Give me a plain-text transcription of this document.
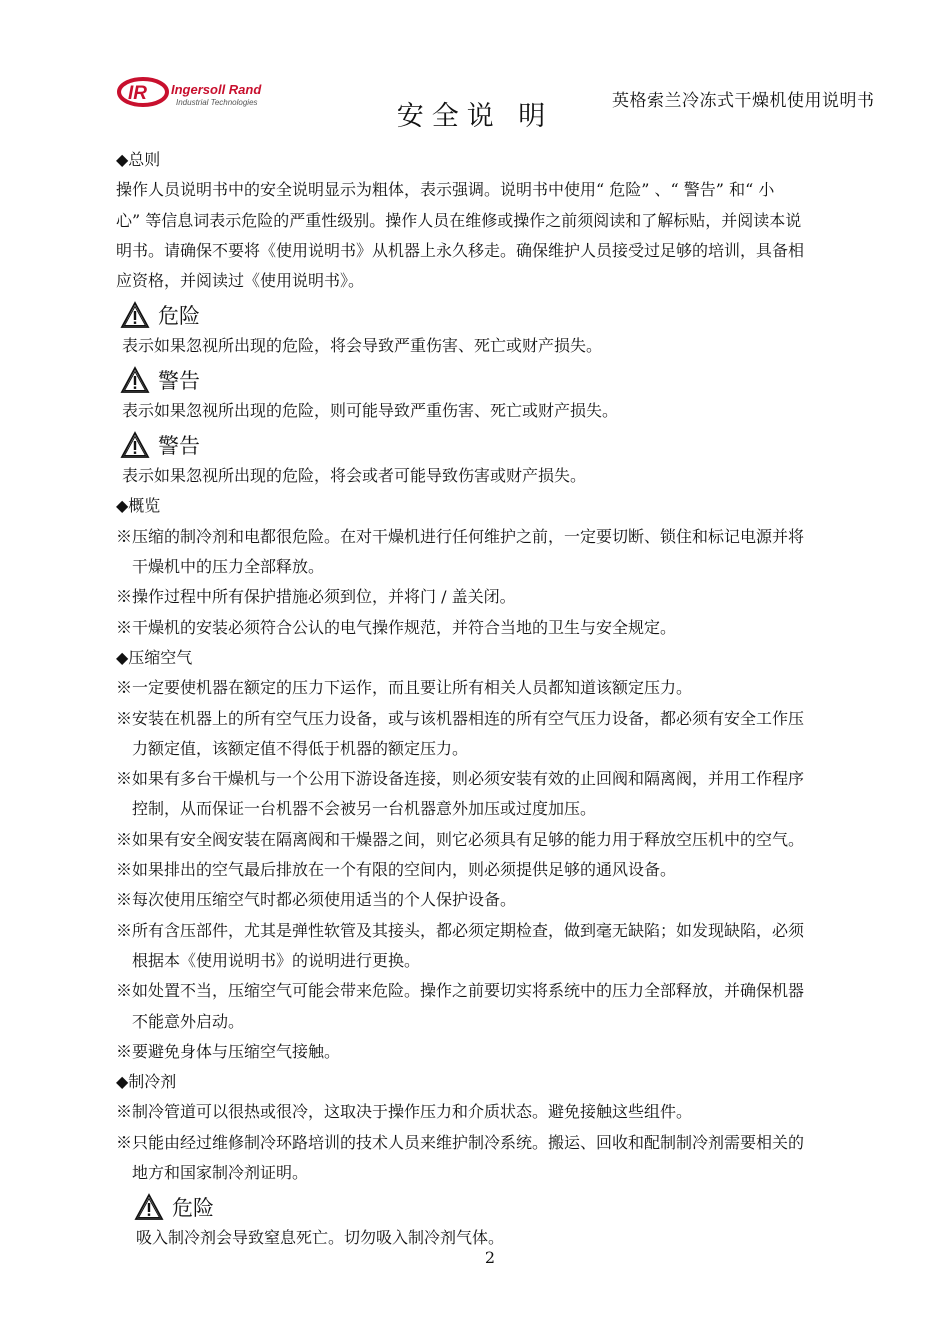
IR Ingersoll Rand
Industrial Technologies	英格索兰冷冻式干燥机使用说明书
安全说 明
◆总则
操作人员说明书中的安全说明显示为粗体，表示强调。说明书中使用“ 危险” 、“ 警告” 和“ 小
心” 等信息词表示危险的严重性级别。操作人员在维修或操作之前须阅读和了解标贴，并阅读本说
明书。请确保不要将《使用说明书》从机器上永久移走。确保维护人员接受过足够的培训，具备相
应资格，并阅读过《使用说明书》。
危险
表示如果忽视所出现的危险，将会导致严重伤害、死亡或财产损失。
警告
表示如果忽视所出现的危险，则可能导致严重伤害、死亡或财产损失。
警告
表示如果忽视所出现的危险，将会或者可能导致伤害或财产损失。
◆概览
※压缩的制冷剂和电都很危险。在对干燥机进行任何维护之前，一定要切断、锁住和标记电源并将
干燥机中的压力全部释放。
※操作过程中所有保护措施必须到位，并将门 / 盖关闭。
※干燥机的安装必须符合公认的电气操作规范，并符合当地的卫生与安全规定。
◆压缩空气
※一定要使机器在额定的压力下运作，而且要让所有相关人员都知道该额定压力。
※安装在机器上的所有空气压力设备，或与该机器相连的所有空气压力设备，都必须有安全工作压
力额定值，该额定值不得低于机器的额定压力。
※如果有多台干燥机与一个公用下游设备连接，则必须安装有效的止回阀和隔离阀，并用工作程序
控制，从而保证一台机器不会被另一台机器意外加压或过度加压。
※如果有安全阀安装在隔离阀和干燥器之间，则它必须具有足够的能力用于释放空压机中的空气。
※如果排出的空气最后排放在一个有限的空间内，则必须提供足够的通风设备。
※每次使用压缩空气时都必须使用适当的个人保护设备。
※所有含压部件，尤其是弹性软管及其接头，都必须定期检查，做到毫无缺陷；如发现缺陷，必须
根据本《使用说明书》的说明进行更换。
※如处置不当，压缩空气可能会带来危险。操作之前要切实将系统中的压力全部释放，并确保机器
不能意外启动。
※要避免身体与压缩空气接触。
◆制冷剂
※制冷管道可以很热或很冷，这取决于操作压力和介质状态。避免接触这些组件。
※只能由经过维修制冷环路培训的技术人员来维护制冷系统。搬运、回收和配制制冷剂需要相关的
地方和国家制冷剂证明。
危险
吸入制冷剂会导致窒息死亡。切勿吸入制冷剂气体。
2
